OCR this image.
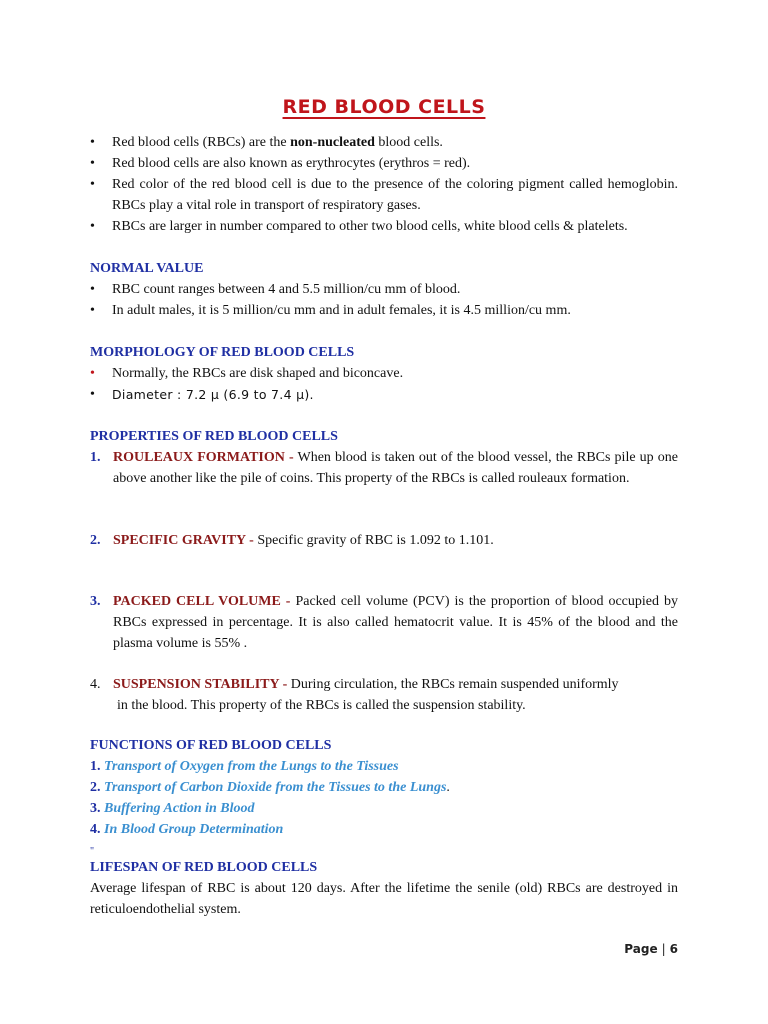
RED BLOOD CELLS
• Red blood cells (RBCs) are the non-nucleated blood cells.
• Red blood cells are also known as erythrocytes (erythros = red).
• Red color of the red blood cell is due to the presence of the coloring pigment called hemoglobin. RBCs play a vital role in transport of respiratory gases.
• RBCs are larger in number compared to other two blood cells, white blood cells & platelets.
NORMAL VALUE
• RBC count ranges between 4 and 5.5 million/cu mm of blood.
• In adult males, it is 5 million/cu mm and in adult females, it is 4.5 million/cu mm.
MORPHOLOGY OF RED BLOOD CELLS
• Normally, the RBCs are disk shaped and biconcave.
• Diameter : 7.2 μ (6.9 to 7.4 μ).
PROPERTIES OF RED BLOOD CELLS
1. ROULEAUX FORMATION - When blood is taken out of the blood vessel, the RBCs pile up one above another like the pile of coins. This property of the RBCs is called rouleaux formation.
2. SPECIFIC GRAVITY - Specific gravity of RBC is 1.092 to 1.101.
3. PACKED CELL VOLUME - Packed cell volume (PCV) is the proportion of blood occupied by RBCs expressed in percentage. It is also called hematocrit value. It is 45% of the blood and the plasma volume is 55% .
4. SUSPENSION STABILITY - During circulation, the RBCs remain suspended uniformly
in the blood. This property of the RBCs is called the suspension stability.
FUNCTIONS OF RED BLOOD CELLS
1. Transport of Oxygen from the Lungs to the Tissues
2. Transport of Carbon Dioxide from the Tissues to the Lungs.
3. Buffering Action in Blood
4. In Blood Group Determination
"
LIFESPAN OF RED BLOOD CELLS
Average lifespan of RBC is about 120 days. After the lifetime the senile (old) RBCs are destroyed in reticuloendothelial system.
Page | 6
